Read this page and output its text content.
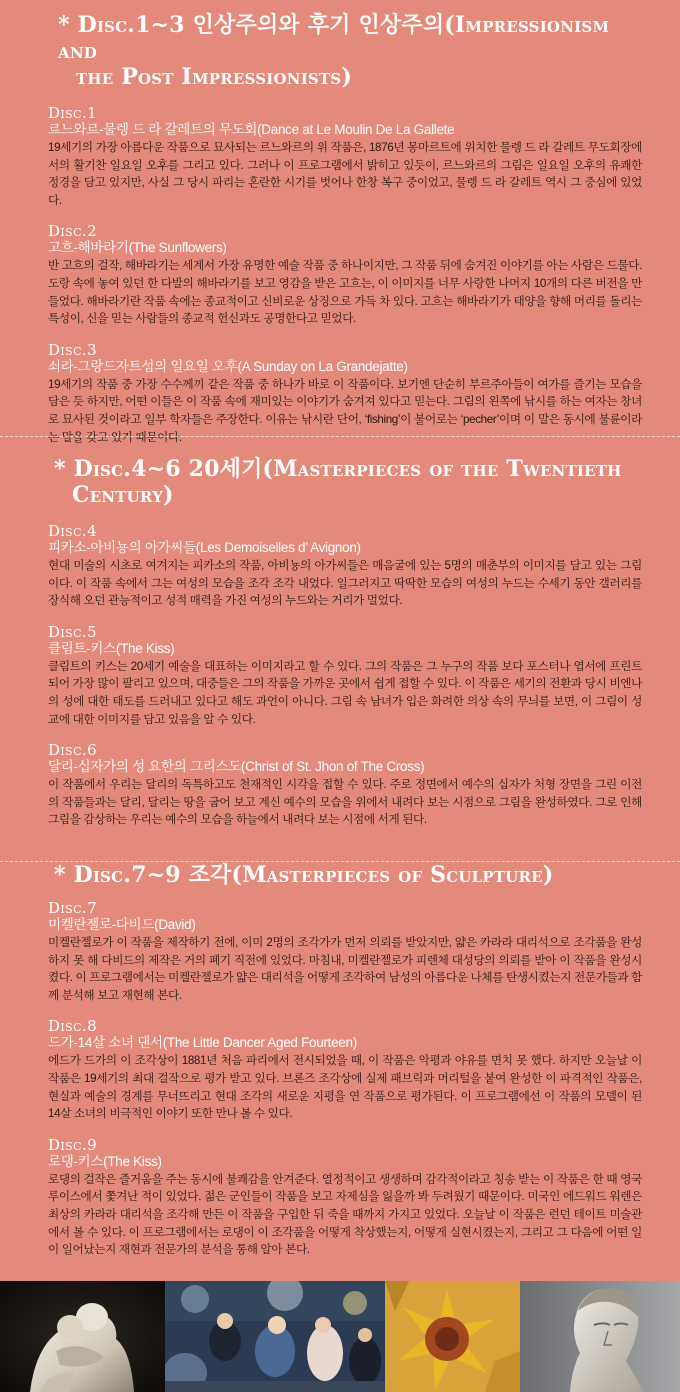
* Disc.1~3 인상주의와 후기 인상주의(Impressionism and
the Post Impressionists)
Disc.1
르느와르-물렝 드 라 갈레트의 무도회(Dance at Le Moulin De La Gallete

19세기의 가장 아름다운 작품으로 묘사되는 르느와르의 위 작품은, 1876년 몽마르트에 위치한 물렝 드 라 갈레트 무도회장에서의 활기찬 일요일 오후를 그리고 있다. 그러나 이 프로그램에서 밝히고 있듯이, 르느와르의 그림은 일요일 오후의 유쾌한 정경을 담고 있지만, 사실 그 당시 파리는 혼란한 시기를 벗어나 한창 복구 중이었고, 물렝 드 라 갈레트 역시 그 중심에 있었다.

Disc.2
고흐-해바라기(The Sunflowers)

반 고흐의 걸작, 해바라기는 세계서 가장 유명한 예술 작품 중 하나이지만, 그 작품 뒤에 숨겨진 이야기를 아는 사람은 드물다. 도랑 속에 놓여 있던 한 다발의 해바라기를 보고 영감을 받은 고흐는, 이 이미지를 너무 사랑한 나머지 10개의 다른 버전을 만들었다. 해바라기란 작품 속에는 종교적이고 신비로운 상징으로 가득 차 있다. 고흐는 해바라기가 태양을 향해 머리를 돌리는 특성이, 신을 믿는 사람들의 종교적 헌신과도 공명한다고 믿었다.

Disc.3
쇠라-그랑드자트섬의 일요일 오후(A Sunday on La Grandejatte)

19세기의 작품 중 가장 수수께끼 같은 작품 중 하나가 바로 이 작품이다. 보기엔 단순히 부르주아들이 여가를 즐기는 모습을 담은 듯 하지만, 어떤 이들은 이 작품 속에 재미있는 이야기가 숨겨져 있다고 믿는다. 그림의 왼쪽에 낚시를 하는 여자는 창녀로 묘사된 것이라고 일부 학자들은 주장한다. 이유는 낚시란 단어, ‘fishing’이 불어로는 ‘pecher’이며 이 말은 동시에 불륜이라는 말을 갖고 있기 때문이다.

* Disc.4~6 20세기(Masterpieces of the Twentieth
Century)
Disc.4
피카소-아비뇽의 아가씨들(Les Demoiselles d’ Avignon)

현대 미술의 시초로 여겨지는 피카소의 작품, 아비뇽의 아가씨들은 매음굴에 있는 5명의 매춘부의 이미지를 담고 있는 그림이다. 이 작품 속에서 그는 여성의 모습을 조각 조각 내었다. 일그러지고 딱딱한 모습의 여성의 누드는 수세기 동안 갤러리를 장식해 오던 관능적이고 성적 매력을 가진 여성의 누드와는 거리가 멀었다.

Disc.5
클림트-키스(The Kiss)

클림트의 키스는 20세기 예술을 대표하는 이미지라고 할 수 있다. 그의 작품은 그 누구의 작품 보다 포스터나 엽서에 프린트 되어 가장 많이 팔리고 있으며, 대중들은 그의 작품을 가까운 곳에서 쉽게 접할 수 있다. 이 작품은 세기의 전환과 당시 비엔나의 성에 대한 태도를 드러내고 있다고 해도 과언이 아니다. 그림 속 남녀가 입은 화려한 의상 속의 무늬를 보면, 이 그림이 성교에 대한 이미지를 담고 있음을 알 수 있다.

Disc.6
달리-십자가의 성 요한의 그리스도(Christ of St. Jhon of The Cross)

이 작품에서 우리는 달리의 독특하고도 천재적인 시각을 접할 수 있다. 주로 정면에서 예수의 십자가 처형 장면을 그린 이전의 작품들과는 달리, 달리는 땅을 굽어 보고 계신 예수의 모습을 위에서 내려다 보는 시점으로 그림을 완성하였다. 그로 인해 그림을 감상하는 우리는 예수의 모습을 하늘에서 내려다 보는 시점에 서게 된다.

* Disc.7~9 조각(Masterpieces of Sculpture)
Disc.7
미켈란젤로-다비드(David)

미켈란젤로가 이 작품을 제작하기 전에, 이미 2명의 조각가가 먼저 의뢰를 받았지만, 얇은 카라라 대리석으로 조각품을 완성하지 못 해 다비드의 제작은 거의 폐기 직전에 있었다. 마침내, 미켈란젤로가 피렌체 대성당의 의뢰를 받아 이 작품을 완성시켰다. 이 프로그램에서는 미켈란젤로가 얇은 대리석을 어떻게 조각하여 남성의 아름다운 나체를 탄생시켰는지 전문가들과 함께 분석해 보고 재현해 본다.

Disc.8
드가-14살 소녀 댄서(The Little Dancer Aged Fourteen)

에드가 드가의 이 조각상이 1881년 처음 파리에서 전시되었을 때, 이 작품은 악평과 야유를 면치 못 했다. 하지만 오늘날 이 작품은 19세기의 최대 걸작으로 평가 받고 있다. 브론즈 조각상에 실제 패브릭과 머리털을 붙여 완성한 이 파격적인 작품은, 현실과 예술의 경계를 무너뜨리고 현대 조각의 새로운 지평을 연 작품으로 평가된다. 이 프로그램에선 이 작품의 모델이 된 14살 소녀의 비극적인 이야기 또한 만나 볼 수 있다.

Disc.9
로댕-키스(The Kiss)

로댕의 걸작은 즐거움을 주는 동시에 불쾌감을 안겨준다. 열정적이고 생생하며 감각적이라고 칭송 받는 이 작품은 한 때 영국 루이스에서 쫓겨난 적이 있었다. 젊은 군인들이 작품을 보고 자제심을 잃을까 봐 두려웠기 때문이다. 미국인 에드워드 워렌은 최상의 카라라 대리석을 조각해 만든 이 작품을 구입한 뒤 죽을 때까지 가지고 있었다. 오늘날 이 작품은 런던 테이트 미술관에서 볼 수 있다. 이 프로그램에서는 로댕이 이 조각품을 어떻게 착상했는지, 어떻게 실현시켰는지, 그리고 그 다음에 어떤 일이 일어났는지 재현과 전문가의 분석을 통해 알아 본다.
